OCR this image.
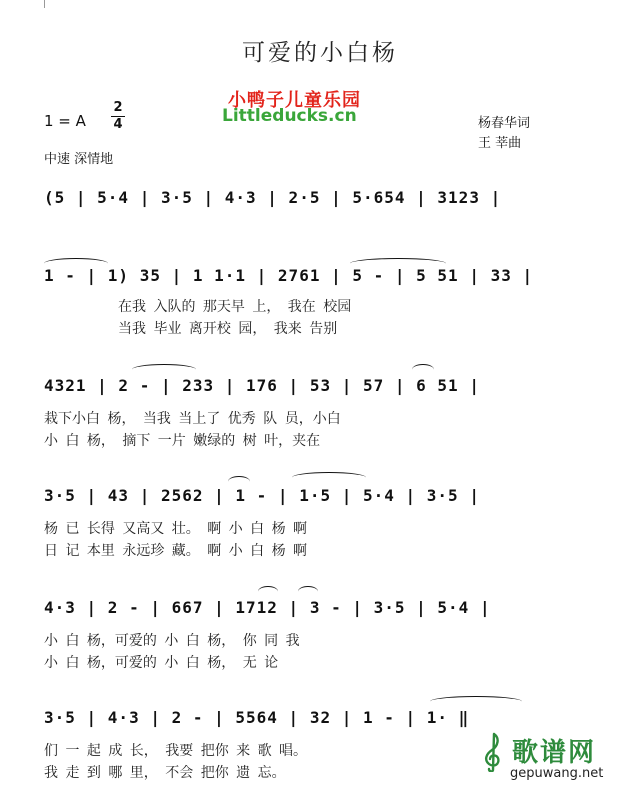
可爱的小白杨
小鸭子儿童乐园
Littleducks.cn
1 = A
2
4
中速 深情地
杨春华词
王 莘曲
(5 | 5·4 | 3·5 | 4·3 | 2·5 | 5·654 | 3123 |
1 - | 1) 35 | 1 1·1 | 2761 | 5 - | 5 51 | 33 |
在我 入队的 那天早 上， 我在 校园
当我 毕业 离开校 园， 我来 告别
4321 | 2 - | 233 | 176 | 53 | 57 | 6 51 |
栽下小白 杨， 当我 当上了 优秀 队 员，小白
小 白 杨， 摘下 一片 嫩绿的 树 叶，夹在
3·5 | 43 | 2562 | 1 - | 1·5 | 5·4 | 3·5 |
杨 已 长得 又高又 壮。 啊 小 白 杨 啊
日 记 本里 永远珍 藏。 啊 小 白 杨 啊
4·3 | 2 - | 667 | 1712 | 3 - | 3·5 | 5·4 |
小 白 杨，可爱的 小 白 杨， 你 同 我
小 白 杨，可爱的 小 白 杨， 无 论
3·5 | 4·3 | 2 - | 5564 | 32 | 1 - | 1· ‖
们 一 起 成 长， 我要 把你 来 歌 唱。
我 走 到 哪 里， 不会 把你 遗 忘。
歌谱网
gepuwang.net
